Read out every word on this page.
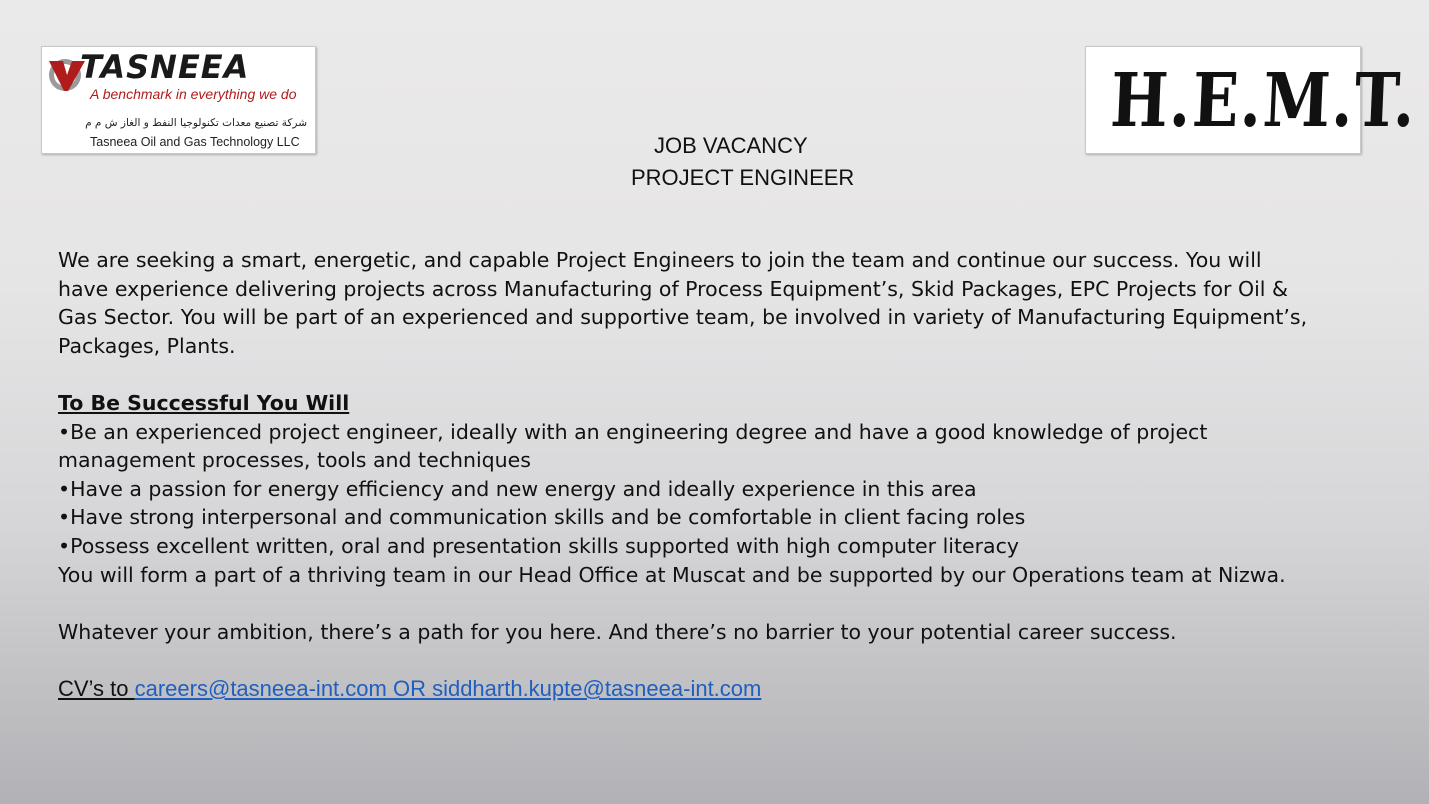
TASNEEA
A benchmark in everything we do
شركة تصنيع معدات تكنولوجيا النفط و الغاز ش م م
Tasneea Oil and Gas Technology LLC	H.E.M.T.
JOB VACANCY
PROJECT ENGINEER

We are seeking a smart, energetic, and capable Project Engineers to join the team and continue our success. You will

have experience delivering projects across Manufacturing of Process Equipment’s, Skid Packages, EPC Projects for Oil &

Gas Sector. You will be part of an experienced and supportive team, be involved in variety of Manufacturing Equipment’s,

Packages, Plants.

To Be Successful You Will

•Be an experienced project engineer, ideally with an engineering degree and have a good knowledge of project

management processes, tools and techniques

•Have a passion for energy efficiency and new energy and ideally experience in this area

•Have strong interpersonal and communication skills and be comfortable in client facing roles

•Possess excellent written, oral and presentation skills supported with high computer literacy

You will form a part of a thriving team in our Head Office at Muscat and be supported by our Operations team at Nizwa.

Whatever your ambition, there’s a path for you here. And there’s no barrier to your potential career success.

CV’s to careers@tasneea-int.com OR siddharth.kupte@tasneea-int.com
